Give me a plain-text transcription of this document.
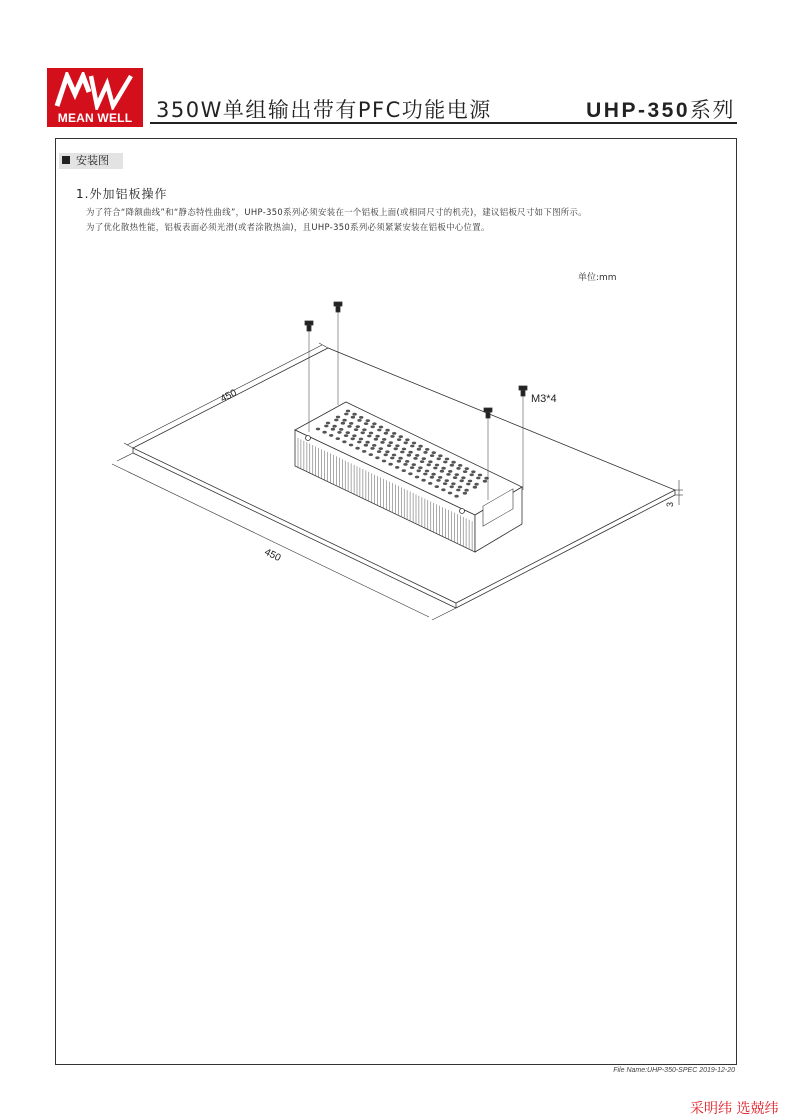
MEAN WELL	350W单组输出带有PFC功能电源	UHP-350系列
安装图
1.外加铝板操作
为了符合“降额曲线”和“静态特性曲线”，UHP-350系列必须安装在一个铝板上面(或相同尺寸的机壳)，建议铝板尺寸如下图所示。
为了优化散热性能，铝板表面必须光滑(或者涂散热油)，且UHP-350系列必须紧紧安装在铝板中心位置。
单位:mm
450
450
3
M3*4
File Name:UHP-350-SPEC 2019-12-20
采明纬 选兢纬
